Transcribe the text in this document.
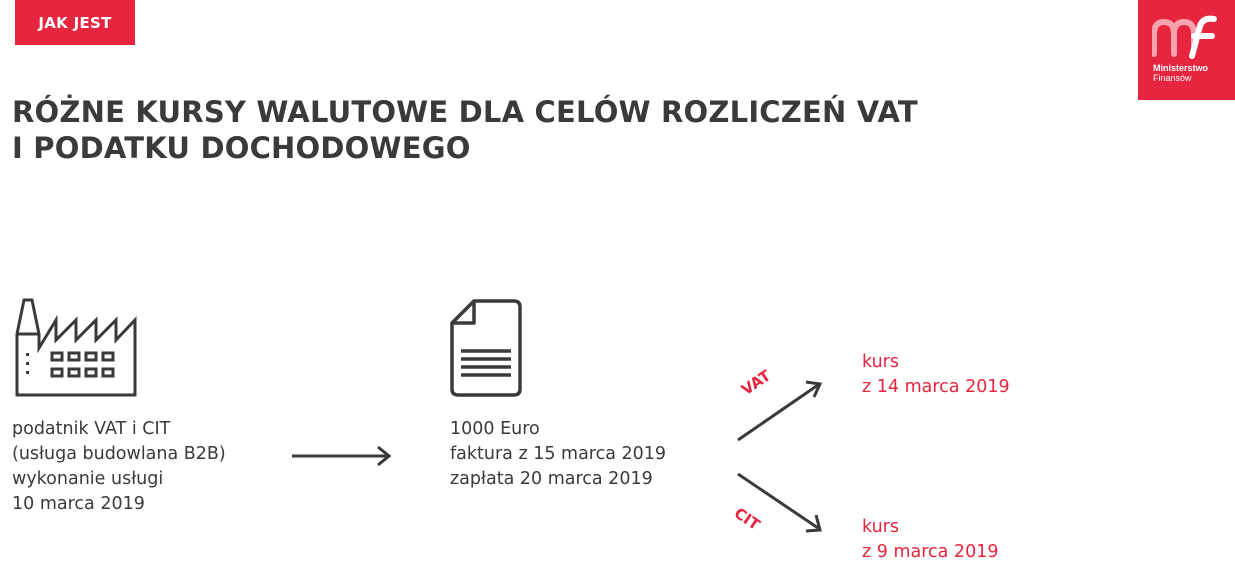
JAK JEST
Ministerstwo
Finansów
RÓŻNE KURSY WALUTOWE DLA CELÓW ROZLICZEŃ VAT
I PODATKU DOCHODOWEGO
podatnik VAT i CIT
(usługa budowlana B2B)
wykonanie usługi
10 marca 2019
1000 Euro
faktura z 15 marca 2019
zapłata 20 marca 2019
VAT
CIT
kurs
z 14 marca 2019
kurs
z 9 marca 2019
